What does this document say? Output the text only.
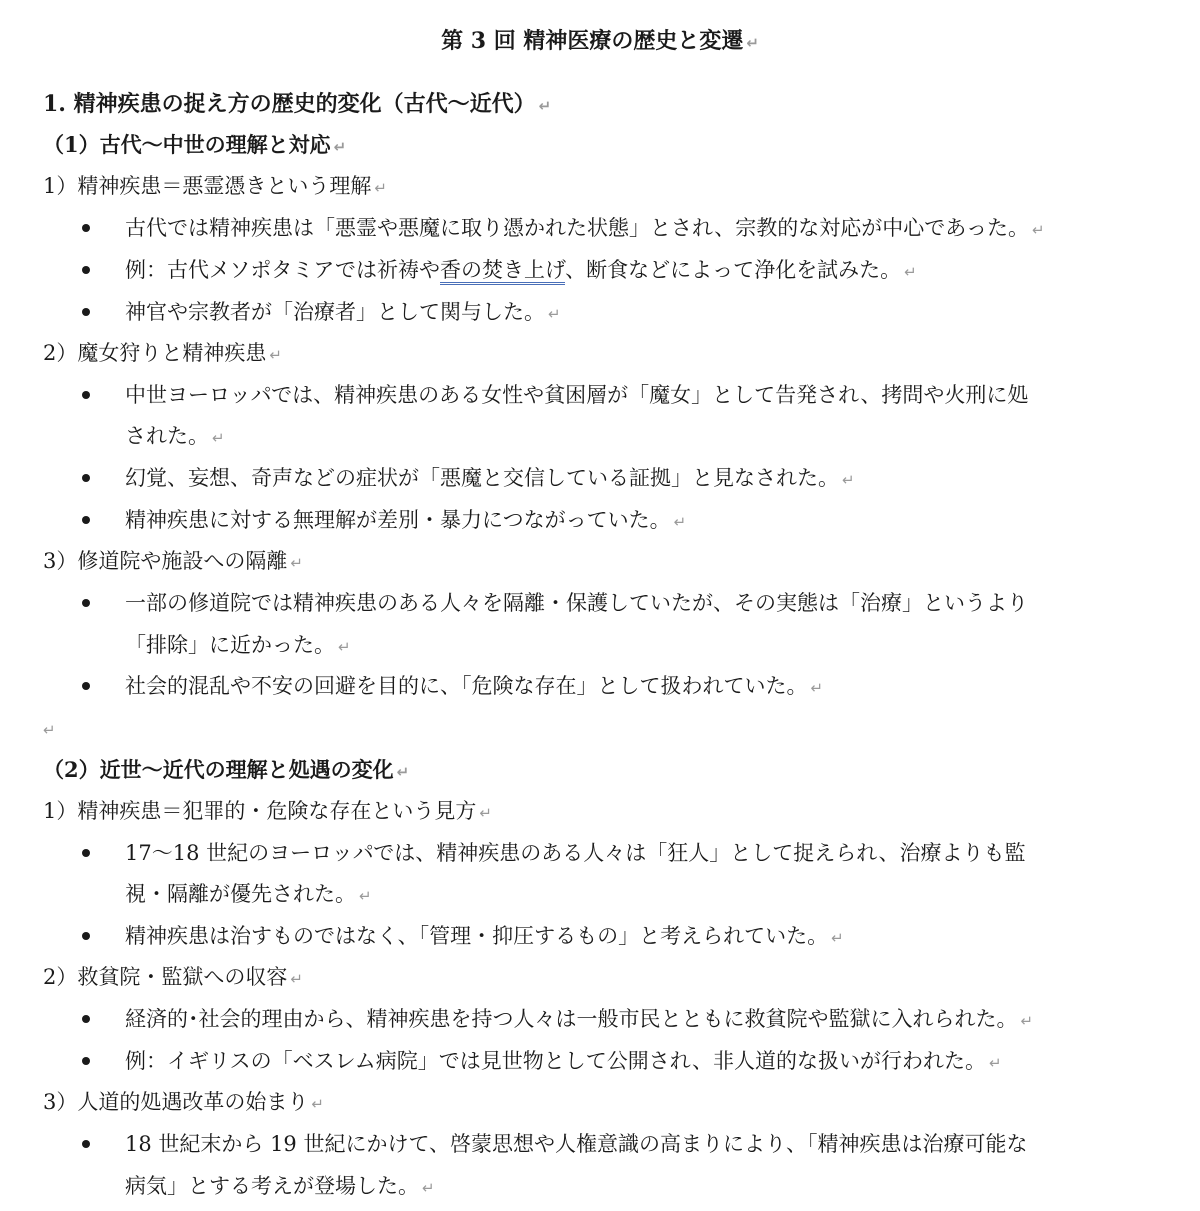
第 3 回 精神医療の歴史と変遷 ↵
1. 精神疾患の捉え方の歴史的変化（古代～近代） ↵
（1）古代～中世の理解と対応 ↵
1）精神疾患＝悪霊憑きという理解 ↵
古代では精神疾患は「悪霊や悪魔に取り憑かれた状態」とされ、宗教的な対応が中心であった。 ↵
例：古代メソポタミアでは祈祷や香の焚き上げ、断食などによって浄化を試みた。 ↵
神官や宗教者が「治療者」として関与した。 ↵
2）魔女狩りと精神疾患 ↵
中世ヨーロッパでは、精神疾患のある女性や貧困層が「魔女」として告発され、拷問や火刑に処
された。 ↵
幻覚、妄想、奇声などの症状が「悪魔と交信している証拠」と見なされた。 ↵
精神疾患に対する無理解が差別・暴力につながっていた。 ↵
3）修道院や施設への隔離 ↵
一部の修道院では精神疾患のある人々を隔離・保護していたが、その実態は「治療」というより
「排除」に近かった。 ↵
社会的混乱や不安の回避を目的に、「危険な存在」として扱われていた。 ↵
↵
（2）近世～近代の理解と処遇の変化 ↵
1）精神疾患＝犯罪的・危険な存在という見方 ↵
17～18 世紀のヨーロッパでは、精神疾患のある人々は「狂人」として捉えられ、治療よりも監
視・隔離が優先された。 ↵
精神疾患は治すものではなく、「管理・抑圧するもの」と考えられていた。 ↵
2）救貧院・監獄への収容 ↵
経済的･社会的理由から、精神疾患を持つ人々は一般市民とともに救貧院や監獄に入れられた。 ↵
例：イギリスの「ベスレム病院」では見世物として公開され、非人道的な扱いが行われた。 ↵
3）人道的処遇改革の始まり ↵
18 世紀末から 19 世紀にかけて、啓蒙思想や人権意識の高まりにより、「精神疾患は治療可能な
病気」とする考えが登場した。 ↵
